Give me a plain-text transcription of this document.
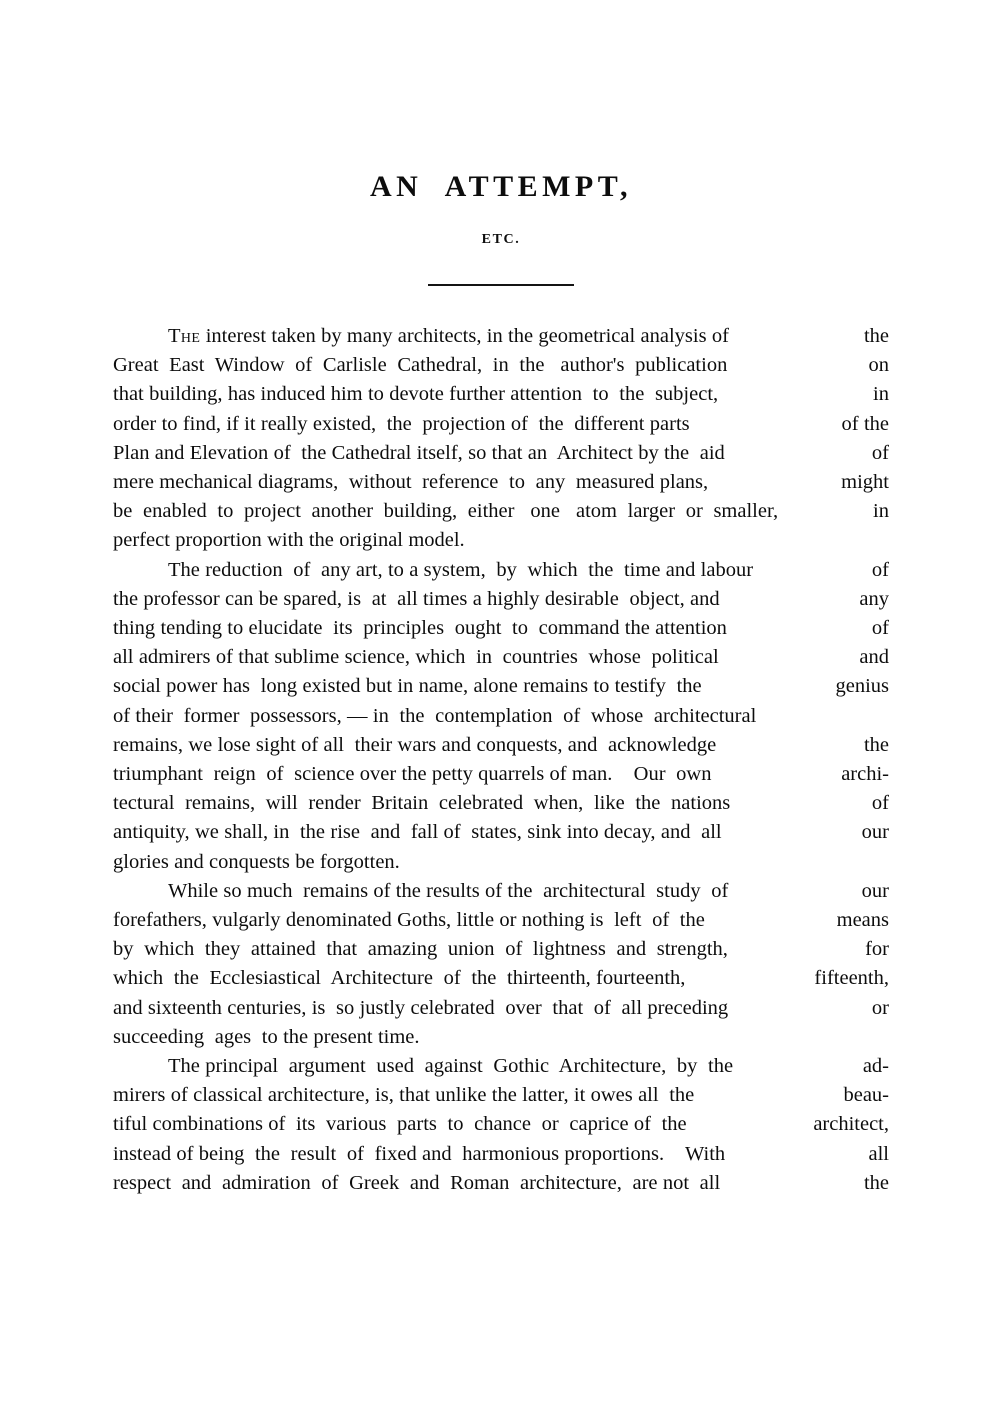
AN  ATTEMPT,
ETC.

The interest taken by many architects, in the geometrical analysis of	the
Great  East  Window  of  Carlisle  Cathedral,  in  the   author's  publication	on
that building, has induced him to devote further attention  to  the  subject,	in
order to find, if it really existed,  the  projection of  the  different parts	of the
Plan and Elevation of  the Cathedral itself, so that an  Architect by the  aid	of
mere mechanical diagrams,  without  reference  to  any  measured plans,	might
be  enabled  to  project  another  building,  either   one   atom  larger  or  smaller,	in
perfect proportion with the original model.

The reduction  of  any art, to a system,  by  which  the  time and labour	of
the professor can be spared, is  at  all times a highly desirable  object, and	any
thing tending to elucidate  its  principles  ought  to  command the attention	of
all admirers of that sublime science, which  in  countries  whose  political	and
social power has  long existed but in name, alone remains to testify  the	genius
of their  former  possessors, — in  the  contemplation  of  whose  architectural
remains, we lose sight of all  their wars and conquests, and  acknowledge	the
triumphant  reign  of  science over the petty quarrels of man.    Our  own	archi-
tectural  remains,  will  render  Britain  celebrated  when,  like  the  nations	of
antiquity, we shall, in  the rise  and  fall of  states, sink into decay, and  all	our
glories and conquests be forgotten.

While so much  remains of the results of the  architectural  study  of	our
forefathers, vulgarly denominated Goths, little or nothing is  left  of  the	means
by  which  they  attained  that  amazing  union  of  lightness  and  strength,	for
which  the  Ecclesiastical  Architecture  of  the  thirteenth, fourteenth,	fifteenth,
and sixteenth centuries, is  so justly celebrated  over  that  of  all preceding	or
succeeding  ages  to the present time.

The principal  argument  used  against  Gothic  Architecture,  by  the	ad-
mirers of classical architecture, is, that unlike the latter, it owes all  the	beau-
tiful combinations of  its  various  parts  to  chance  or  caprice of  the	architect,
instead of being  the  result  of  fixed and  harmonious proportions.    With	all
respect  and  admiration  of  Greek  and  Roman  architecture,  are not  all	the
